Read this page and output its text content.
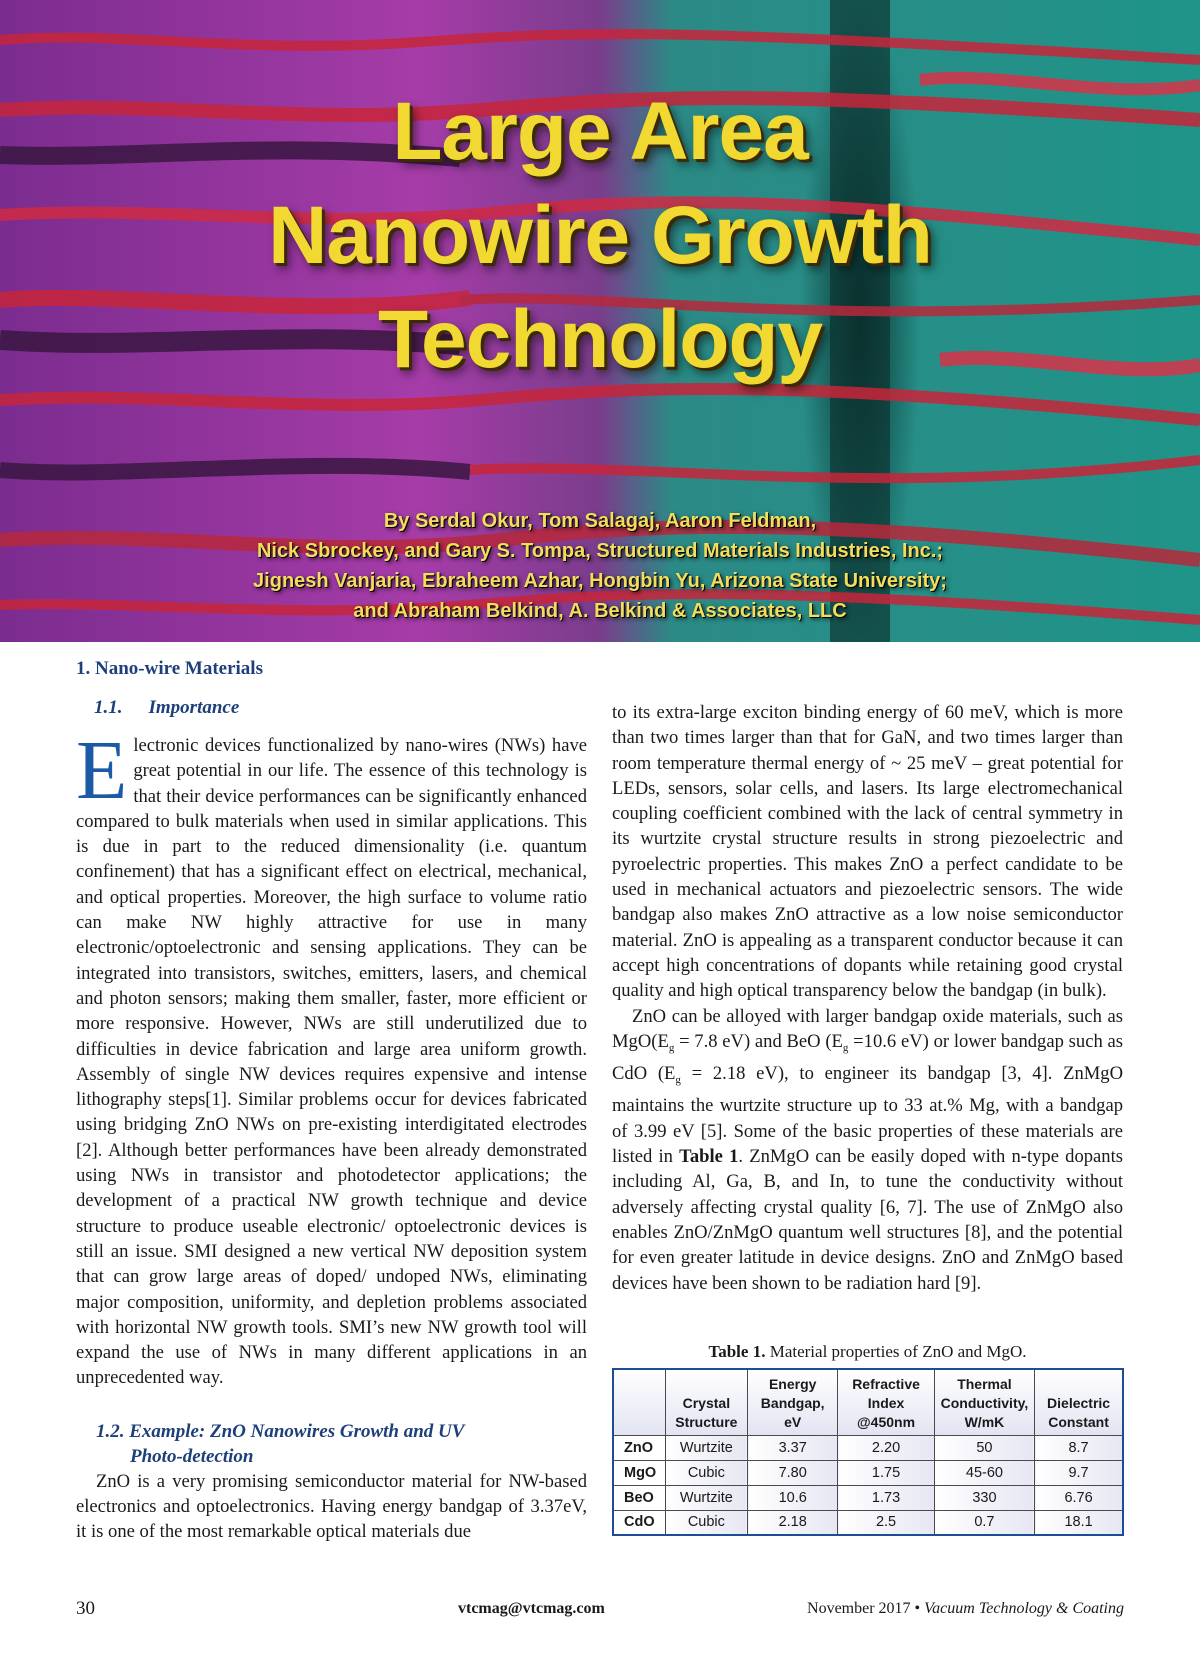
Large Area
Nanowire Growth
Technology
By Serdal Okur, Tom Salagaj, Aaron Feldman,
Nick Sbrockey, and Gary S. Tompa, Structured Materials Industries, Inc.;
Jignesh Vanjaria, Ebraheem Azhar, Hongbin Yu, Arizona State University;
and Abraham Belkind, A. Belkind & Associates, LLC
1. Nano-wire Materials
1.1. Importance

Electronic devices functionalized by nano-wires (NWs) have great potential in our life. The essence of this technology is that their device performances can be significantly enhanced compared to bulk materials when used in similar applications. This is due in part to the reduced dimensionality (i.e. quantum confinement) that has a significant effect on electrical, mechanical, and optical properties. Moreover, the high surface to volume ratio can make NW highly attractive for use in many electronic/optoelectronic and sensing applications. They can be integrated into transistors, switches, emitters, lasers, and chemical and photon sensors; making them smaller, faster, more efficient or more responsive. However, NWs are still underutilized due to difficulties in device fabrication and large area uniform growth. Assembly of single NW devices requires expensive and intense lithography steps[1]. Similar problems occur for devices fabricated using bridging ZnO NWs on pre-existing interdigitated electrodes [2]. Although better performances have been already demonstrated using NWs in transistor and photodetector applications; the development of a practical NW growth technique and device structure to produce useable electronic/ optoelectronic devices is still an issue. SMI designed a new vertical NW deposition system that can grow large areas of doped/ undoped NWs, eliminating major composition, uniformity, and depletion problems associated with horizontal NW growth tools. SMI’s new NW growth tool will expand the use of NWs in many different applications in an unprecedented way.

1.2. Example: ZnO Nanowires Growth and UV
Photo-detection

ZnO is a very promising semiconductor material for NW-based electronics and optoelectronics. Having energy bandgap of 3.37eV, it is one of the most remarkable optical materials due

to its extra-large exciton binding energy of 60 meV, which is more than two times larger than that for GaN, and two times larger than room temperature thermal energy of ~ 25 meV – great potential for LEDs, sensors, solar cells, and lasers. Its large electromechanical coupling coefficient combined with the lack of central symmetry in its wurtzite crystal structure results in strong piezoelectric and pyroelectric properties. This makes ZnO a perfect candidate to be used in mechanical actuators and piezoelectric sensors. The wide bandgap also makes ZnO attractive as a low noise semiconductor material. ZnO is appealing as a transparent conductor because it can accept high concentrations of dopants while retaining good crystal quality and high optical transparency below the bandgap (in bulk).

ZnO can be alloyed with larger bandgap oxide materials, such as $MgO(E_g = 7.8$ eV) and BeO ($E_g =10.6$ eV) or lower bandgap such as CdO ($E_g = 2.18$ eV), to engineer its bandgap [3, 4]. ZnMgO maintains the wurtzite structure up to 33 at.% Mg, with a bandgap of 3.99 eV [5]. Some of the basic properties of these materials are listed in Table 1. ZnMgO can be easily doped with n-type dopants including Al, Ga, B, and In, to tune the conductivity without adversely affecting crystal quality [6, 7]. The use of ZnMgO also enables ZnO/ZnMgO quantum well structures [8], and the potential for even greater latitude in device designs. ZnO and ZnMgO based devices have been shown to be radiation hard [9].

Table 1. Material properties of ZnO and MgO.
	Crystal Structure	Energy Bandgap, eV	Refractive Index @450nm	Thermal Conductivity, W/mK	Dielectric Constant
ZnO	Wurtzite	3.37	2.20	50	8.7
MgO	Cubic	7.80	1.75	45-60	9.7
BeO	Wurtzite	10.6	1.73	330	6.76
CdO	Cubic	2.18	2.5	0.7	18.1
30	vtcmag@vtcmag.com	November 2017 • Vacuum Technology & Coating
